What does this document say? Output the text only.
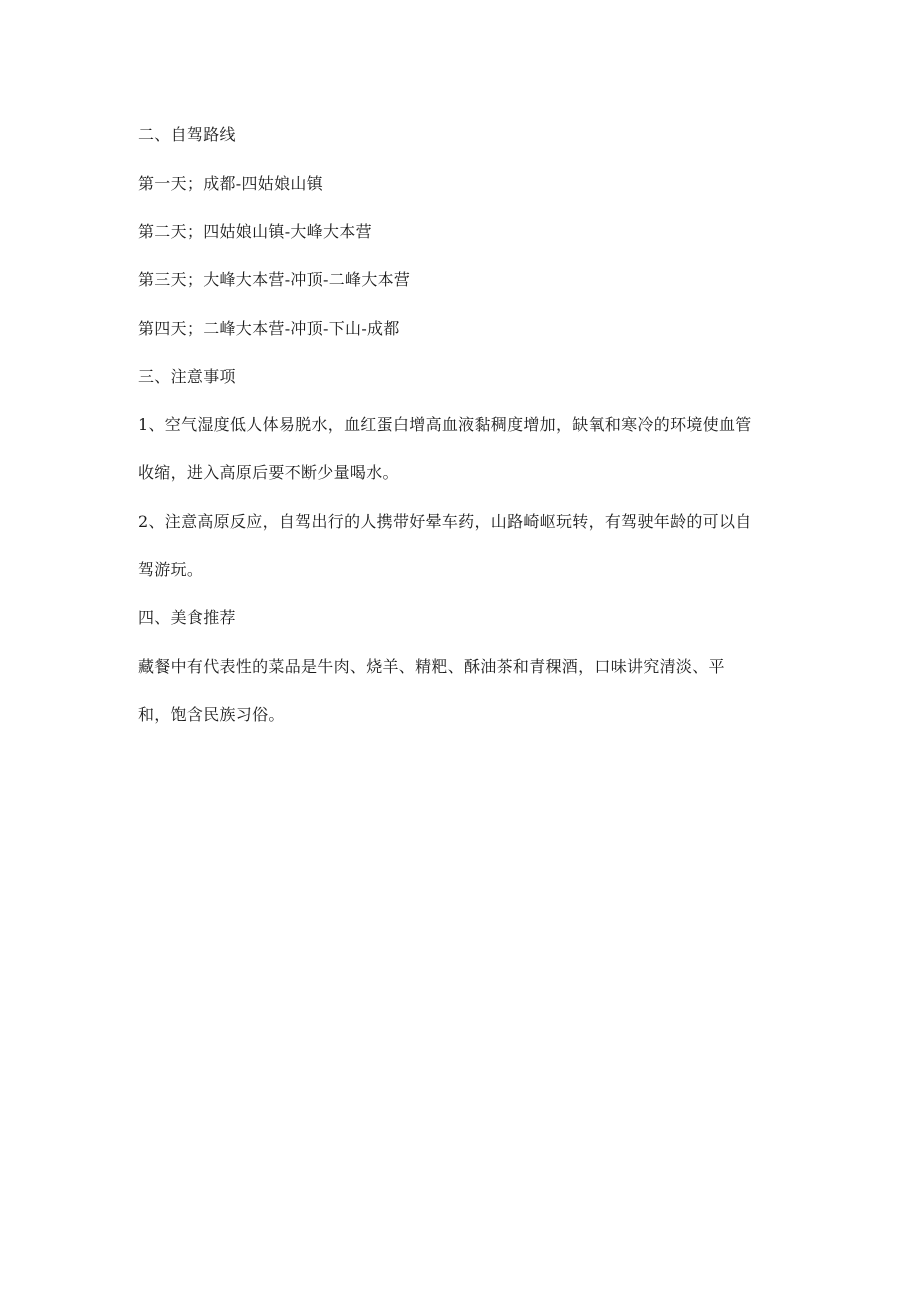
二、自驾路线
第一天；成都-四姑娘山镇
第二天；四姑娘山镇-大峰大本营
第三天；大峰大本营-冲顶-二峰大本营
第四天；二峰大本营-冲顶-下山-成都
三、注意事项
1、空气湿度低人体易脱水，血红蛋白增高血液黏稠度增加，缺氧和寒冷的环境使血管
收缩，进入高原后要不断少量喝水。
2、注意高原反应，自驾出行的人携带好晕车药，山路崎岖玩转，有驾驶年龄的可以自
驾游玩。
四、美食推荐
藏餐中有代表性的菜品是牛肉、烧羊、精粑、酥油茶和青稞酒，口味讲究清淡、平
和，饱含民族习俗。
